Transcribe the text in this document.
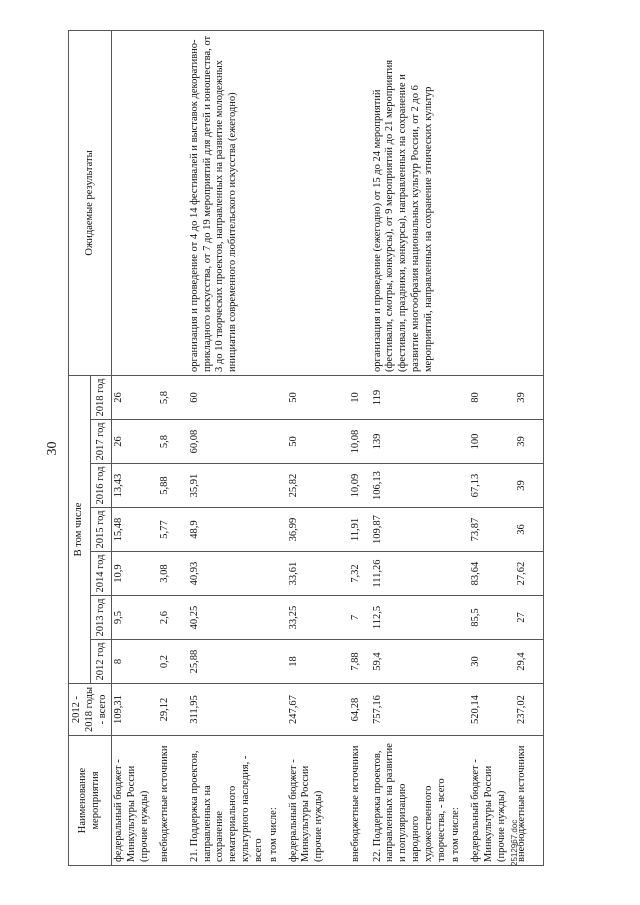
30
Наименование мероприятия	2012 - 2018 годы - всего	В том числе							Ожидаемые результаты
		2012 год	2013 год	2014 год	2015 год	2016 год	2017 год	2018 год	
федеральный бюджет - Минкультуры России (прочие нужды)	109,31	8	9,5	10,9	15,48	13,43	26	26	
внебюджетные источники	29,12	0,2	2,6	3,08	5,77	5,88	5,8	5,8	
21. Поддержка проектов, направленных на сохранение нематериального культурного наследия, - всего	311,95	25,88	40,25	40,93	48,9	35,91	60,08	60	организация и проведение от 4 до 14 фестивалей и выставок декоративно-прикладного искусства, от 7 до 19 мероприятий для детей и юношества, от 3 до 10 творческих проектов, направленных на развитие молодежных инициатив современного любительского искусства (ежегодно)
в том числе:									
федеральный бюджет - Минкультуры России (прочие нужды)	247,67	18	33,25	33,61	36,99	25,82	50	50	
внебюджетные источники	64,28	7,88	7	7,32	11,91	10,09	10,08	10	
22. Поддержка проектов, направленных на развитие и популяризацию народного художественного творчества, - всего	757,16	59,4	112,5	111,26	109,87	106,13	139	119	организация и проведение (ежегодно) от 15 до 24 мероприятий (фестивали, смотры, конкурсы), от 9 мероприятий до 21 мероприятия (фестивали, праздники, конкурсы), направленных на сохранение и развитие многообразия национальных культур России, от 2 до 6 мероприятий, направленных на сохранение этнических культур
в том числе:									
федеральный бюджет - Минкультуры России (прочие нужды)	520,14	30	85,5	83,64	73,87	67,13	100	80	
внебюджетные источники	237,02	29,4	27	27,62	36	39	39	39	
2512967.doc
